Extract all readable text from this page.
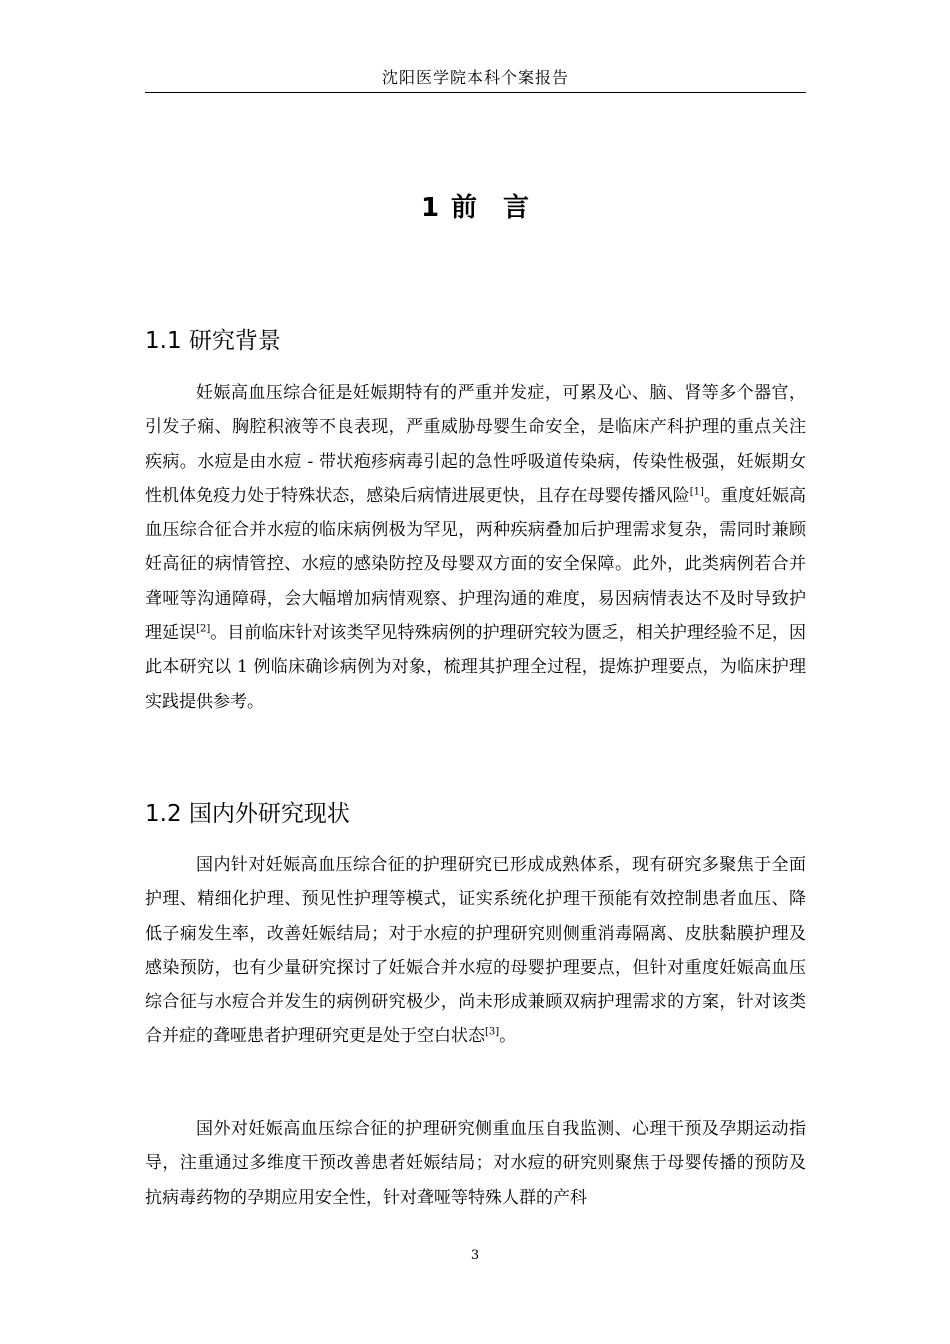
沈阳医学院本科个案报告
1 前　言
1.1 研究背景
妊娠高血压综合征是妊娠期特有的严重并发症，可累及心、脑、肾等多个器官，引发子痫、胸腔积液等不良表现，严重威胁母婴生命安全，是临床产科护理的重点关注疾病。水痘是由水痘 - 带状疱疹病毒引起的急性呼吸道传染病，传染性极强，妊娠期女性机体免疫力处于特殊状态，感染后病情进展更快，且存在母婴传播风险[1]。重度妊娠高血压综合征合并水痘的临床病例极为罕见，两种疾病叠加后护理需求复杂，需同时兼顾妊高征的病情管控、水痘的感染防控及母婴双方面的安全保障。此外，此类病例若合并聋哑等沟通障碍，会大幅增加病情观察、护理沟通的难度，易因病情表达不及时导致护理延误[2]。目前临床针对该类罕见特殊病例的护理研究较为匮乏，相关护理经验不足，因此本研究以 1 例临床确诊病例为对象，梳理其护理全过程，提炼护理要点，为临床护理实践提供参考。
1.2 国内外研究现状
国内针对妊娠高血压综合征的护理研究已形成成熟体系，现有研究多聚焦于全面护理、精细化护理、预见性护理等模式，证实系统化护理干预能有效控制患者血压、降低子痫发生率，改善妊娠结局；对于水痘的护理研究则侧重消毒隔离、皮肤黏膜护理及感染预防，也有少量研究探讨了妊娠合并水痘的母婴护理要点，但针对重度妊娠高血压综合征与水痘合并发生的病例研究极少，尚未形成兼顾双病护理需求的方案，针对该类合并症的聋哑患者护理研究更是处于空白状态[3]。
国外对妊娠高血压综合征的护理研究侧重血压自我监测、心理干预及孕期运动指导，注重通过多维度干预改善患者妊娠结局；对水痘的研究则聚焦于母婴传播的预防及抗病毒药物的孕期应用安全性，针对聋哑等特殊人群的产科
3
